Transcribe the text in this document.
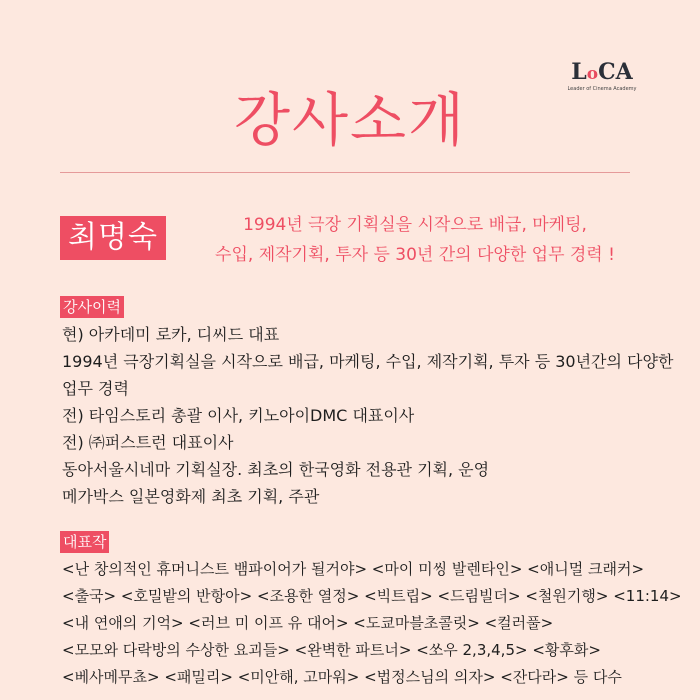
LoCA
Leader of Cinema Academy
강사소개
최명숙	1994년 극장 기획실을 시작으로 배급, 마케팅,
수입, 제작기획, 투자 등 30년 간의 다양한 업무 경력 !
강사이력
현) 아카데미 로카, 디씨드 대표
1994년 극장기획실을 시작으로 배급, 마케팅, 수입, 제작기획, 투자 등 30년간의 다양한 업무 경력
전) 타임스토리 총괄 이사, 키노아이DMC 대표이사
전) ㈜퍼스트런 대표이사
동아서울시네마 기획실장. 최초의 한국영화 전용관 기획, 운영
메가박스 일본영화제 최초 기획, 주관
대표작
<난 창의적인 휴머니스트 뱀파이어가 될거야> <마이 미씽 발렌타인> <애니멀 크래커>
<출국> <호밀밭의 반항아> <조용한 열정> <빅트립> <드림빌더> <철원기행> <11:14>
<내 연애의 기억> <러브 미 이프 유 대어> <도쿄마블초콜릿> <컬러풀>
<모모와 다락방의 수상한 요괴들> <완벽한 파트너> <쏘우 2,3,4,5> <황후화>
<베사메무쵸> <패밀리> <미안해, 고마워> <법정스님의 의자> <잔다라> 등 다수
